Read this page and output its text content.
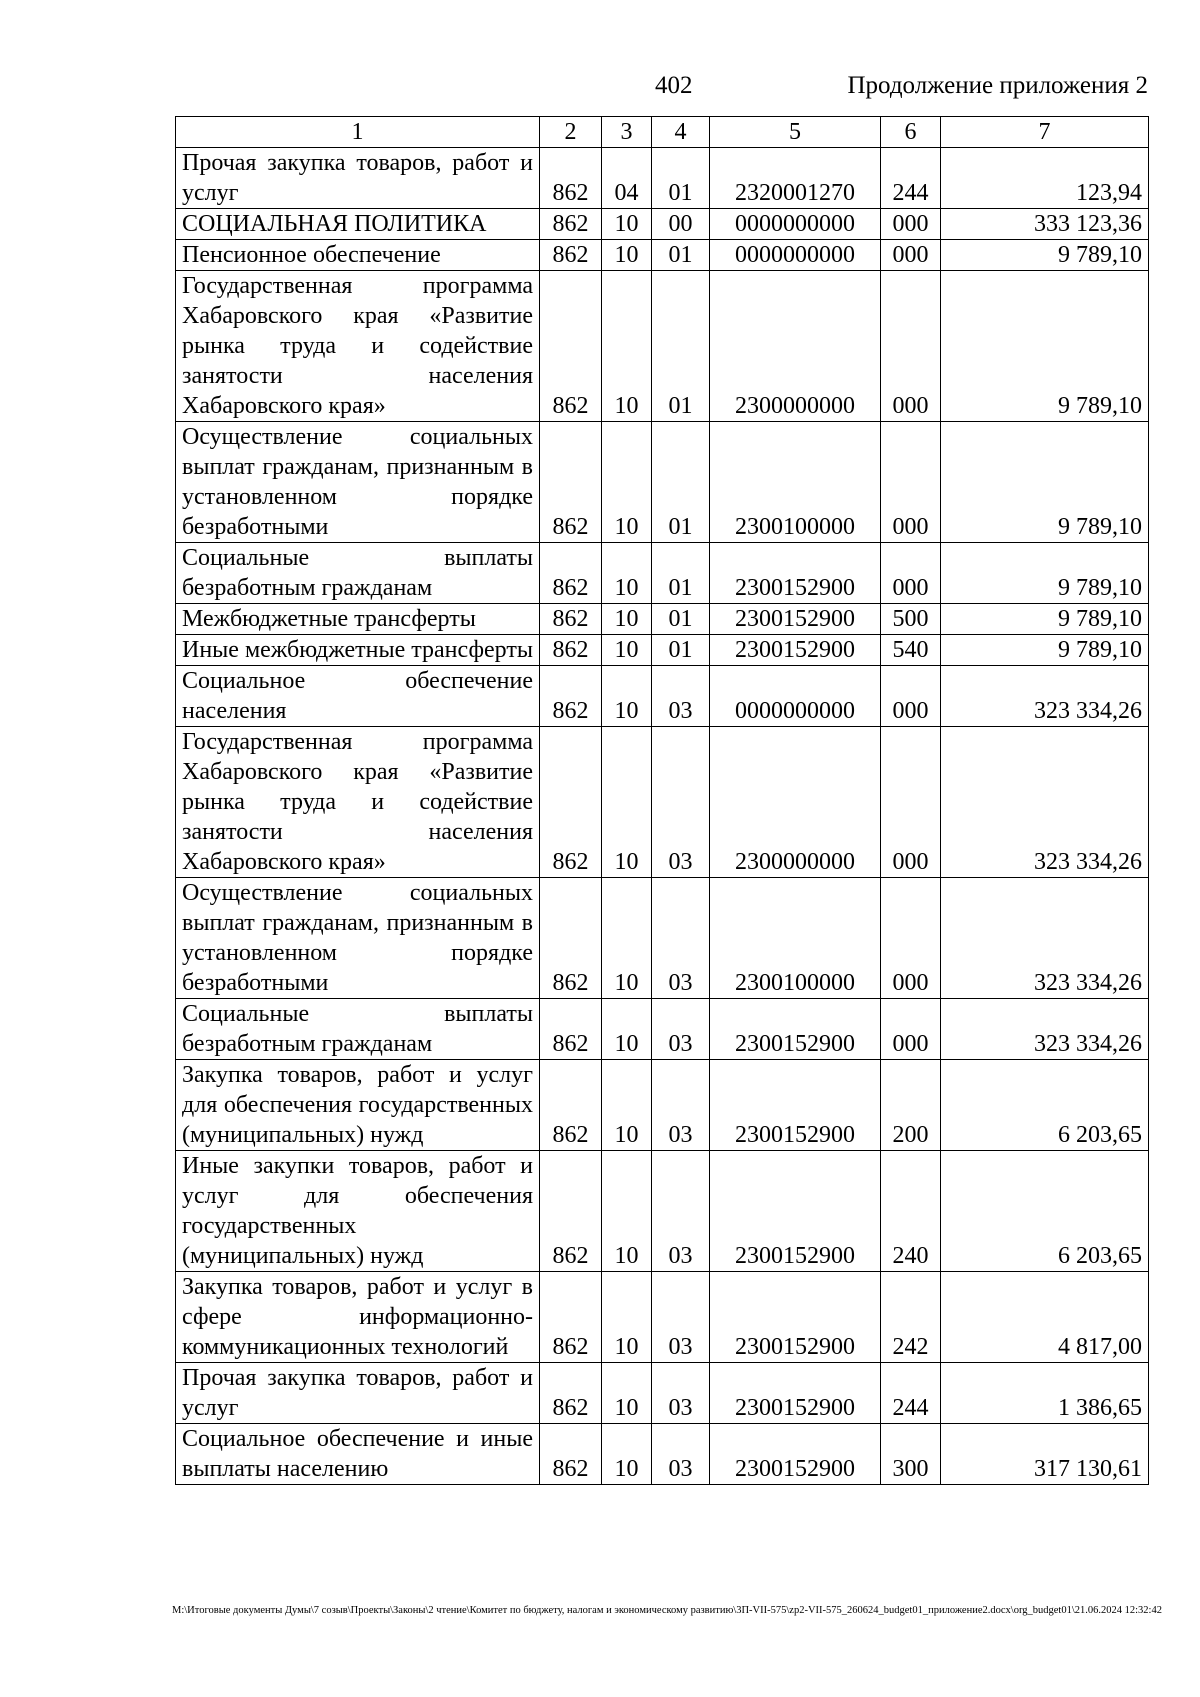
402	Продолжение приложения 2
1	2	3	4	5	6	7
Прочая закупка товаров, работ и услуг	862	04	01	2320001270	244	123,94
СОЦИАЛЬНАЯ ПОЛИТИКА	862	10	00	0000000000	000	333 123,36
Пенсионное обеспечение	862	10	01	0000000000	000	9 789,10
Государственная программа Хабаровского края «Развитие рынка труда и содействие занятости населения Хабаровского края»	862	10	01	2300000000	000	9 789,10
Осуществление социальных выплат гражданам, признанным в установленном порядке безработными	862	10	01	2300100000	000	9 789,10
Социальные выплаты безработным гражданам	862	10	01	2300152900	000	9 789,10
Межбюджетные трансферты	862	10	01	2300152900	500	9 789,10
Иные межбюджетные трансферты	862	10	01	2300152900	540	9 789,10
Социальное обеспечение населения	862	10	03	0000000000	000	323 334,26
Государственная программа Хабаровского края «Развитие рынка труда и содействие занятости населения Хабаровского края»	862	10	03	2300000000	000	323 334,26
Осуществление социальных выплат гражданам, признанным в установленном порядке безработными	862	10	03	2300100000	000	323 334,26
Социальные выплаты безработным гражданам	862	10	03	2300152900	000	323 334,26
Закупка товаров, работ и услуг для обеспечения государственных (муниципальных) нужд	862	10	03	2300152900	200	6 203,65
Иные закупки товаров, работ и услуг для обеспечения государственных (муниципальных) нужд	862	10	03	2300152900	240	6 203,65
Закупка товаров, работ и услуг в сфере информационно-коммуникационных технологий	862	10	03	2300152900	242	4 817,00
Прочая закупка товаров, работ и услуг	862	10	03	2300152900	244	1 386,65
Социальное обеспечение и иные выплаты населению	862	10	03	2300152900	300	317 130,61
M:\Итоговые документы Думы\7 созыв\Проекты\Законы\2 чтение\Комитет по бюджету, налогам и экономическому развитию\3П-VII-575\zp2-VII-575_260624_budget01_приложение2.docx\org_budget01\21.06.2024 12:32:42
